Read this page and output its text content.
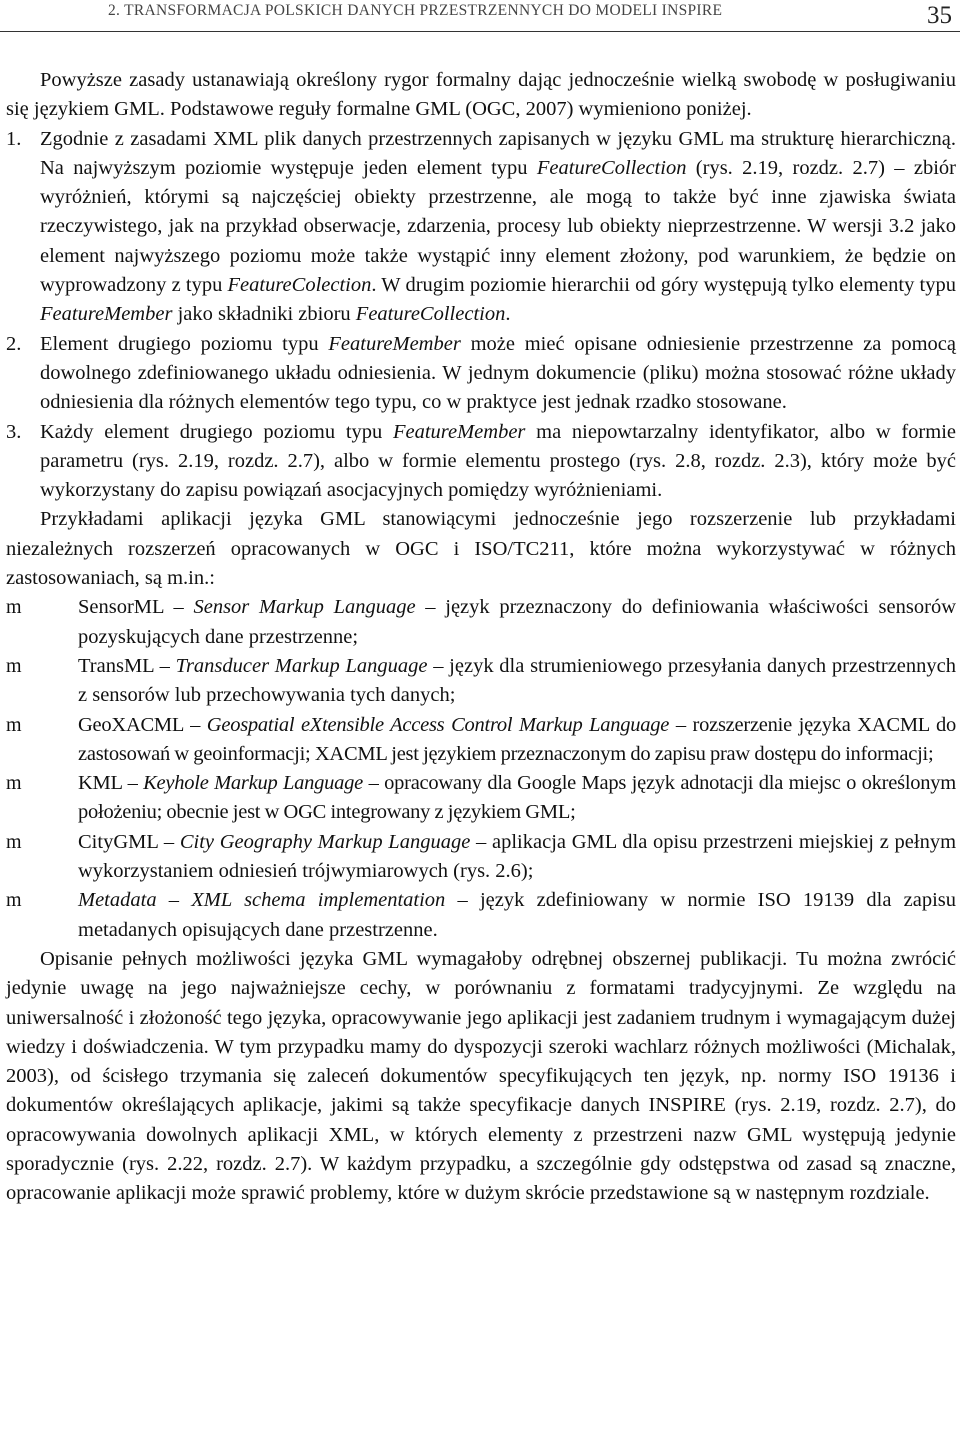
2. TRANSFORMACJA POLSKICH DANYCH PRZESTRZENNYCH DO MODELI INSPIRE	35

Powyższe zasady ustanawiają określony rygor formalny dając jednocześnie wielką swobodę w posługiwaniu się językiem GML. Podstawowe reguły formalne GML (OGC, 2007) wymieniono poniżej.

1. Zgodnie z zasadami XML plik danych przestrzennych zapisanych w języku GML ma strukturę hierarchiczną. Na najwyższym poziomie występuje jeden element typu FeatureCollection (rys. 2.19, rozdz. 2.7) – zbiór wyróżnień, którymi są najczęściej obiekty przestrzenne, ale mogą to także być inne zjawiska świata rzeczywistego, jak na przykład obserwacje, zdarzenia, procesy lub obiekty nieprzestrzenne. W wersji 3.2 jako element najwyższego poziomu może także wystąpić inny element złożony, pod warunkiem, że będzie on wyprowadzony z typu FeatureColection. W drugim poziomie hierarchii od góry występują tylko elementy typu FeatureMember jako składniki zbioru FeatureCollection.
2. Element drugiego poziomu typu FeatureMember może mieć opisane odniesienie przestrzenne za pomocą dowolnego zdefiniowanego układu odniesienia. W jednym dokumencie (pliku) można stosować różne układy odniesienia dla różnych elementów tego typu, co w praktyce jest jednak rzadko stosowane.
3. Każdy element drugiego poziomu typu FeatureMember ma niepowtarzalny identyfikator, albo w formie parametru (rys. 2.19, rozdz. 2.7), albo w formie elementu prostego (rys. 2.8, rozdz. 2.3), który może być wykorzystany do zapisu powiązań asocjacyjnych pomiędzy wyróżnieniami.

Przykładami aplikacji języka GML stanowiącymi jednocześnie jego rozszerzenie lub przykładami niezależnych rozszerzeń opracowanych w OGC i ISO/TC211, które można wykorzystywać w różnych zastosowaniach, są m.in.:

m	SensorML – Sensor Markup Language – język przeznaczony do definiowania właściwości sensorów pozyskujących dane przestrzenne;
m	TransML – Transducer Markup Language – język dla strumieniowego przesyłania danych przestrzennych z sensorów lub przechowywania tych danych;
m	GeoXACML – Geospatial eXtensible Access Control Markup Language – rozszerzenie języka XACML do zastosowań w geoinformacji; XACML jest językiem przeznaczonym do zapisu praw dostępu do informacji;
m	KML – Keyhole Markup Language – opracowany dla Google Maps język adnotacji dla miejsc o określonym położeniu; obecnie jest w OGC integrowany z językiem GML;
m	CityGML – City Geography Markup Language – aplikacja GML dla opisu przestrzeni miejskiej z pełnym wykorzystaniem odniesień trójwymiarowych (rys. 2.6);
m	Metadata – XML schema implementation – język zdefiniowany w normie ISO 19139 dla zapisu metadanych opisujących dane przestrzenne.

Opisanie pełnych możliwości języka GML wymagałoby odrębnej obszernej publikacji. Tu można zwrócić jedynie uwagę na jego najważniejsze cechy, w porównaniu z formatami tradycyjnymi. Ze względu na uniwersalność i złożoność tego języka, opracowywanie jego aplikacji jest zadaniem trudnym i wymagającym dużej wiedzy i doświadczenia. W tym przypadku mamy do dyspozycji szeroki wachlarz różnych możliwości (Michalak, 2003), od ścisłego trzymania się zaleceń dokumentów specyfikujących ten język, np. normy ISO 19136 i dokumentów określających aplikacje, jakimi są także specyfikacje danych INSPIRE (rys. 2.19, rozdz. 2.7), do opracowywania dowolnych aplikacji XML, w których elementy z przestrzeni nazw GML występują jedynie sporadycznie (rys. 2.22, rozdz. 2.7). W każdym przypadku, a szczególnie gdy odstępstwa od zasad są znaczne, opracowanie aplikacji może sprawić problemy, które w dużym skrócie przedstawione są w następnym rozdziale.
